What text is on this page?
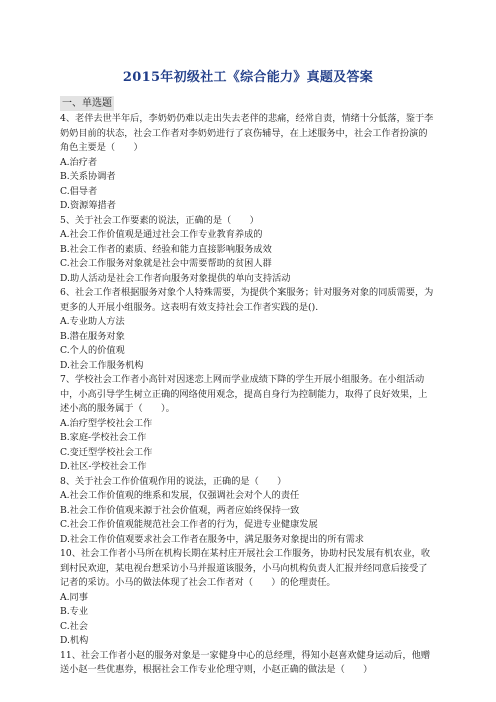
2015年初级社工《综合能力》真题及答案
一、单选题

4、老伴去世半年后，李奶奶仍难以走出失去老伴的悲痛，经常自责，情绪十分低落，鉴于李奶奶目前的状态，社会工作者对李奶奶进行了哀伤辅导，在上述服务中，社会工作者扮演的角色主要是（　　）

A.治疗者

B.关系协调者

C.倡导者

D.资源筹措者

5、关于社会工作要素的说法，正确的是（　　）

A.社会工作价值观是通过社会工作专业教育养成的

B.社会工作者的素质、经验和能力直接影响服务成效

C.社会工作服务对象就是社会中需要帮助的贫困人群

D.助人活动是社会工作者向服务对象提供的单向支持活动

6、社会工作者根据服务对象个人特殊需要，为提供个案服务；针对服务对象的同质需要，为更多的人开展小组服务。这表明有效支持社会工作者实践的是().

A.专业助人方法

B.潜在服务对象

C.个人的价值观

D.社会工作服务机构

7、学校社会工作者小高针对因迷恋上网而学业成绩下降的学生开展小组服务。在小组活动中，小高引导学生树立正确的网络使用观念，提高自身行为控制能力，取得了良好效果，上述小高的服务属于（　　）。

A.治疗型学校社会工作

B.家庭-学校社会工作

C.变迁型学校社会工作

D.社区-学校社会工作

8、关于社会工作价值观作用的说法，正确的是（　　）

A.社会工作价值观的维系和发展，仅强调社会对个人的责任

B.社会工作价值观来源于社会价值观，两者应始终保持一致

C.社会工作价值观能规范社会工作者的行为，促进专业健康发展

D.社会工作价值观要求社会工作者在服务中，满足服务对象提出的所有需求

10、社会工作者小马所在机构长期在某村庄开展社会工作服务，协助村民发展有机农业，收到村民欢迎，某电视台想采访小马并报道该服务，小马向机构负责人汇报并经同意后接受了记者的采访。小马的做法体现了社会工作者对（　　）的伦理责任。

A.同事

B.专业

C.社会

D.机构

11、社会工作者小赵的服务对象是一家健身中心的总经理，得知小赵喜欢健身运动后，他赠送小赵一些优惠券，根据社会工作专业伦理守则，小赵正确的做法是（　　）
